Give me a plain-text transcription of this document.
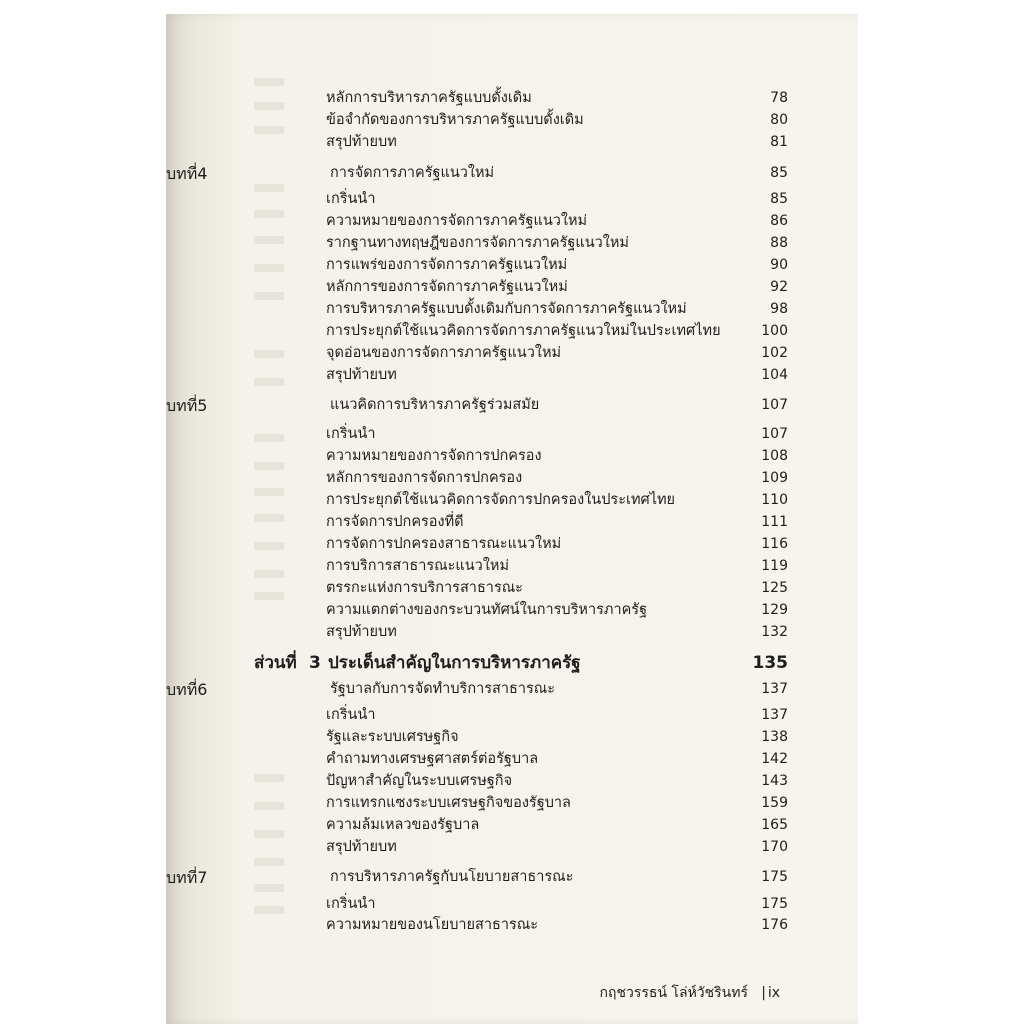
หลักการบริหารภาครัฐแบบดั้งเดิม	78
ข้อจำกัดของการบริหารภาครัฐแบบดั้งเดิม	80
สรุปท้ายบท	81
บทที่4	การจัดการภาครัฐแนวใหม่	85
เกริ่นนำ	85
ความหมายของการจัดการภาครัฐแนวใหม่	86
รากฐานทางทฤษฎีของการจัดการภาครัฐแนวใหม่	88
การแพร่ของการจัดการภาครัฐแนวใหม่	90
หลักการของการจัดการภาครัฐแนวใหม่	92
การบริหารภาครัฐแบบดั้งเดิมกับการจัดการภาครัฐแนวใหม่	98
การประยุกต์ใช้แนวคิดการจัดการภาครัฐแนวใหม่ในประเทศไทย	100
จุดอ่อนของการจัดการภาครัฐแนวใหม่	102
สรุปท้ายบท	104
บทที่5	แนวคิดการบริหารภาครัฐร่วมสมัย	107
เกริ่นนำ	107
ความหมายของการจัดการปกครอง	108
หลักการของการจัดการปกครอง	109
การประยุกต์ใช้แนวคิดการจัดการปกครองในประเทศไทย	110
การจัดการปกครองที่ดี	111
การจัดการปกครองสาธารณะแนวใหม่	116
การบริการสาธารณะแนวใหม่	119
ตรรกะแห่งการบริการสาธารณะ	125
ความแตกต่างของกระบวนทัศน์ในการบริหารภาครัฐ	129
สรุปท้ายบท	132
ส่วนที่ 3 ประเด็นสำคัญในการบริหารภาครัฐ	135
บทที่6	รัฐบาลกับการจัดทำบริการสาธารณะ	137
เกริ่นนำ	137
รัฐและระบบเศรษฐกิจ	138
คำถามทางเศรษฐศาสตร์ต่อรัฐบาล	142
ปัญหาสำคัญในระบบเศรษฐกิจ	143
การแทรกแซงระบบเศรษฐกิจของรัฐบาล	159
ความล้มเหลวของรัฐบาล	165
สรุปท้ายบท	170
บทที่7	การบริหารภาครัฐกับนโยบายสาธารณะ	175
เกริ่นนำ	175
ความหมายของนโยบายสาธารณะ	176
กฤชวรรธน์ โล่ห์วัชรินทร์ | ix
